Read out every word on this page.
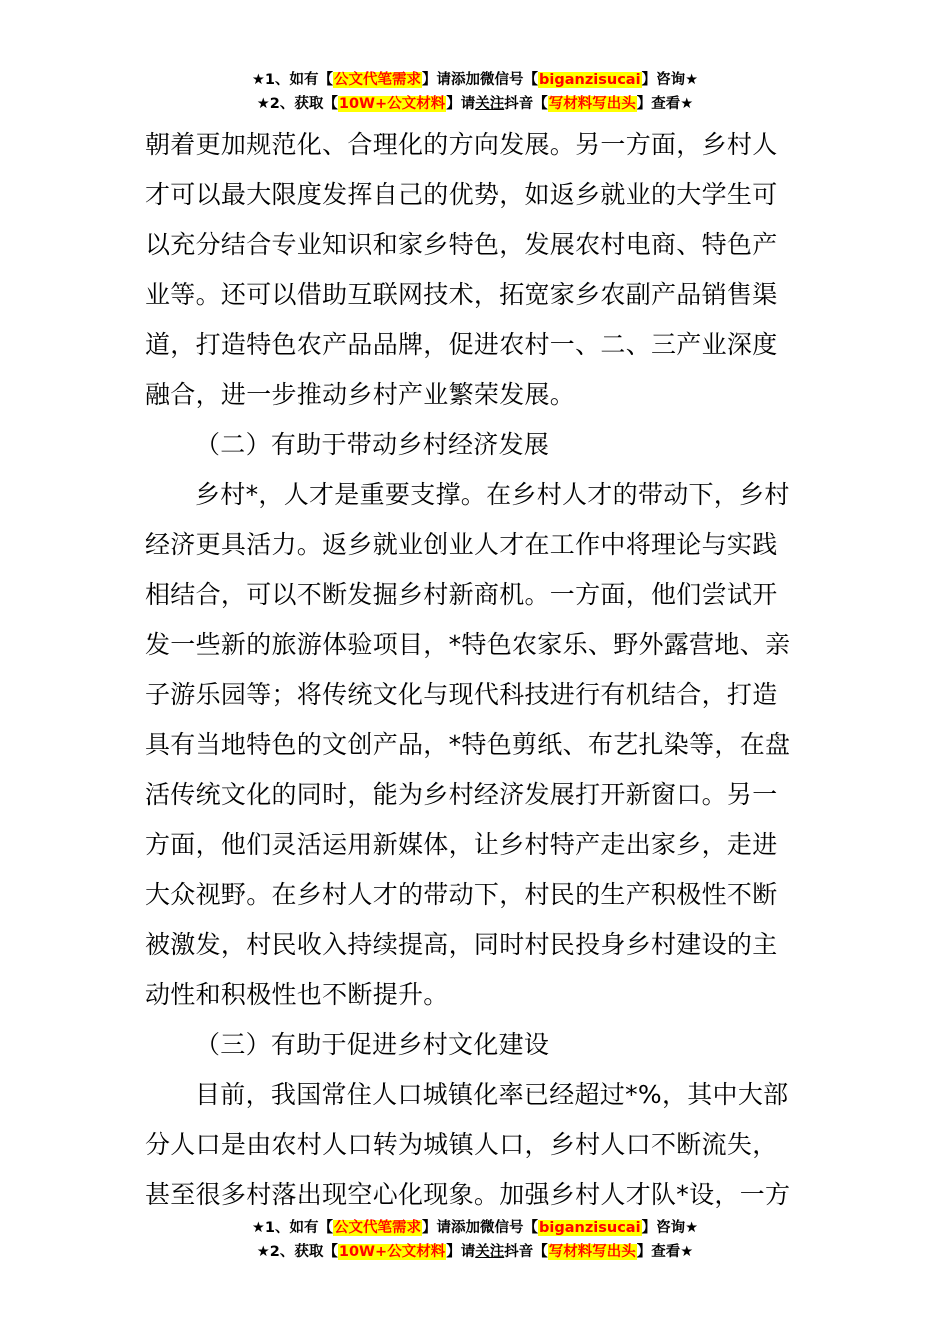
★1、如有【公文代笔需求】请添加微信号【biganzisucai】咨询★
★2、获取【10W+公文材料】请关注抖音【写材料写出头】查看★
朝着更加规范化、合理化的方向发展。另一方面，乡村人
才可以最大限度发挥自己的优势，如返乡就业的大学生可
以充分结合专业知识和家乡特色，发展农村电商、特色产
业等。还可以借助互联网技术，拓宽家乡农副产品销售渠
道，打造特色农产品品牌，促进农村一、二、三产业深度
融合，进一步推动乡村产业繁荣发展。
（二）有助于带动乡村经济发展
乡村*，人才是重要支撑。在乡村人才的带动下，乡村
经济更具活力。返乡就业创业人才在工作中将理论与实践
相结合，可以不断发掘乡村新商机。一方面，他们尝试开
发一些新的旅游体验项目，*特色农家乐、野外露营地、亲
子游乐园等；将传统文化与现代科技进行有机结合，打造
具有当地特色的文创产品，*特色剪纸、布艺扎染等，在盘
活传统文化的同时，能为乡村经济发展打开新窗口。另一
方面，他们灵活运用新媒体，让乡村特产走出家乡，走进
大众视野。在乡村人才的带动下，村民的生产积极性不断
被激发，村民收入持续提高，同时村民投身乡村建设的主
动性和积极性也不断提升。
（三）有助于促进乡村文化建设
目前，我国常住人口城镇化率已经超过*%，其中大部
分人口是由农村人口转为城镇人口，乡村人口不断流失，
甚至很多村落出现空心化现象。加强乡村人才队*设，一方
★1、如有【公文代笔需求】请添加微信号【biganzisucai】咨询★
★2、获取【10W+公文材料】请关注抖音【写材料写出头】查看★
